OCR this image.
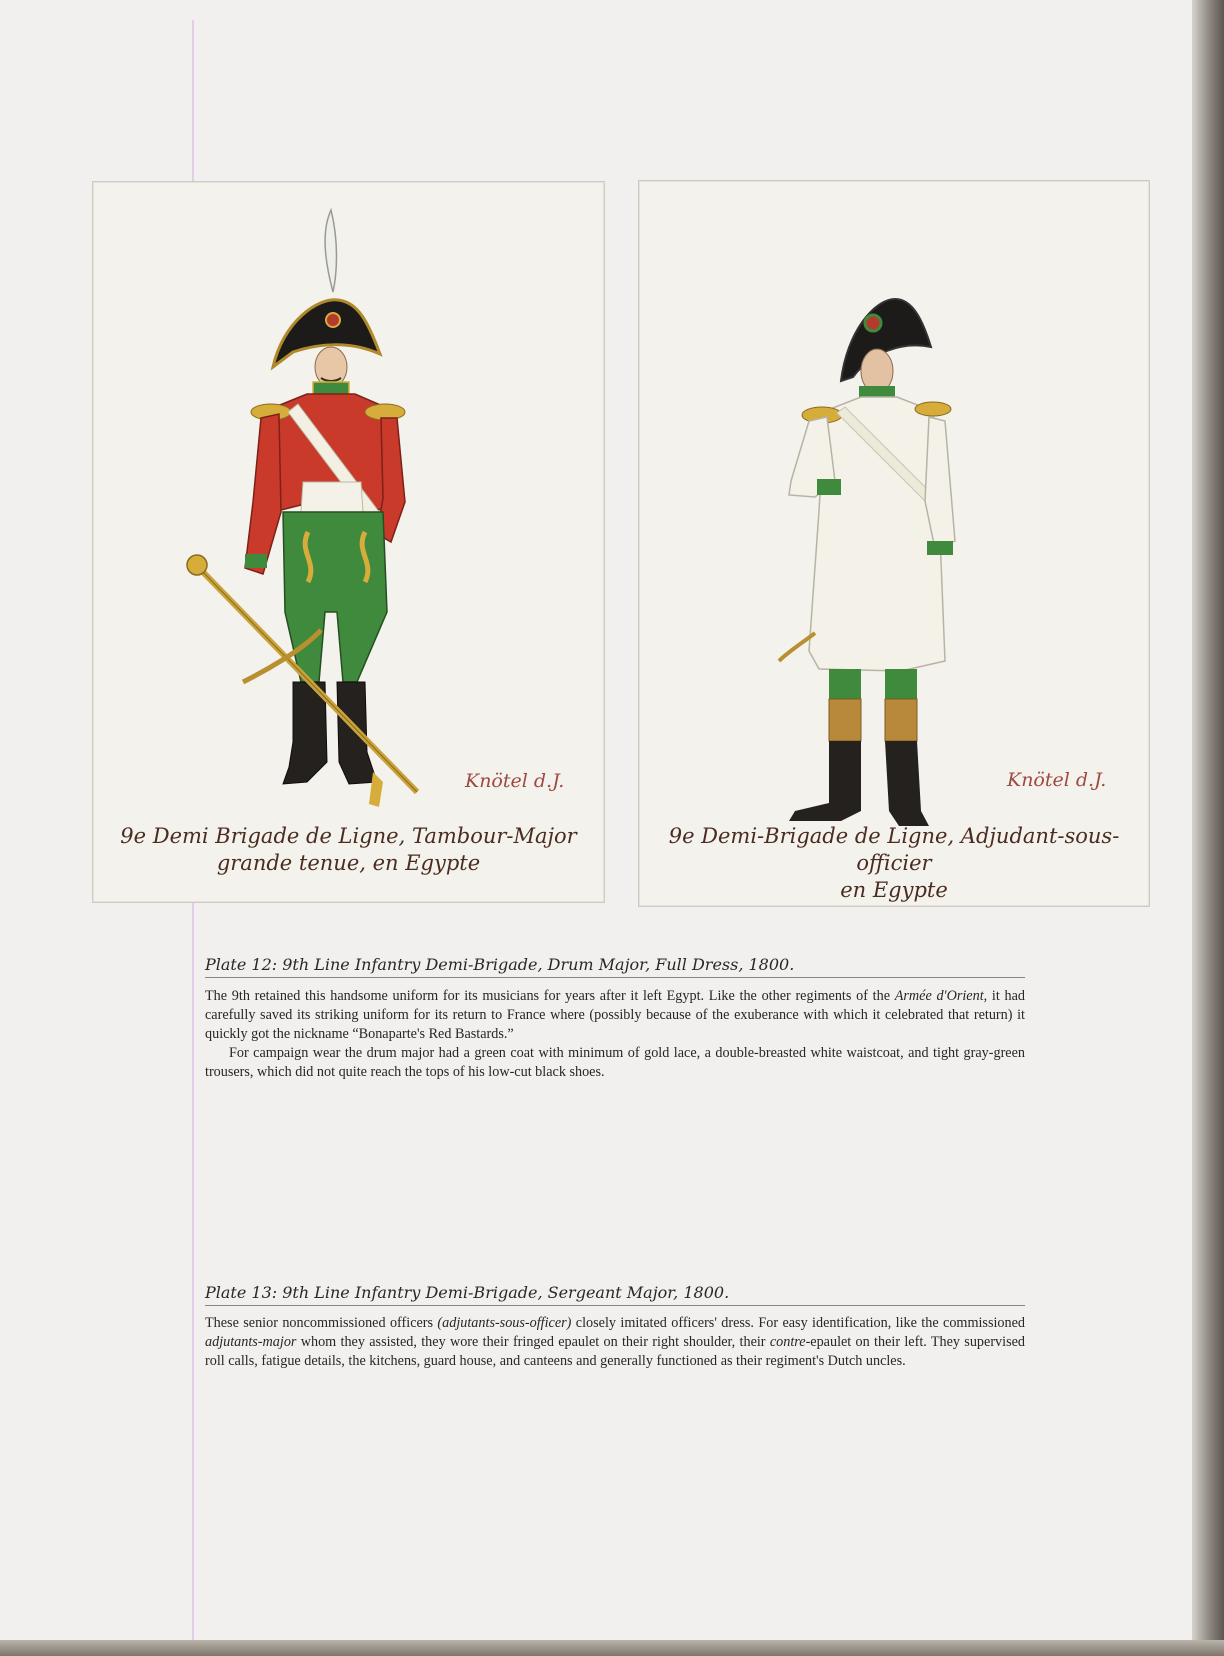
Knötel d.J.
9e Demi Brigade de Ligne, Tambour-Major
grande tenue, en Egypte
Knötel d.J.
9e Demi-Brigade de Ligne, Adjudant-sous-officier
en Egypte
Plate 12: 9th Line Infantry Demi-Brigade, Drum Major, Full Dress, 1800.

The 9th retained this handsome uniform for its musicians for years after it left Egypt. Like the other regiments of the Armée d'Orient, it had carefully saved its striking uniform for its return to France where (possibly because of the exuberance with which it celebrated that return) it quickly got the nickname “Bonaparte's Red Bastards.”

For campaign wear the drum major had a green coat with minimum of gold lace, a double-breasted white waistcoat, and tight gray-green trousers, which did not quite reach the tops of his low-cut black shoes.

Plate 13: 9th Line Infantry Demi-Brigade, Sergeant Major, 1800.

These senior noncommissioned officers (adjutants-sous-officer) closely imitated officers' dress. For easy identification, like the commissioned adjutants-major whom they assisted, they wore their fringed epaulet on their right shoulder, their contre-epaulet on their left. They supervised roll calls, fatigue details, the kitchens, guard house, and canteens and generally functioned as their regiment's Dutch uncles.
